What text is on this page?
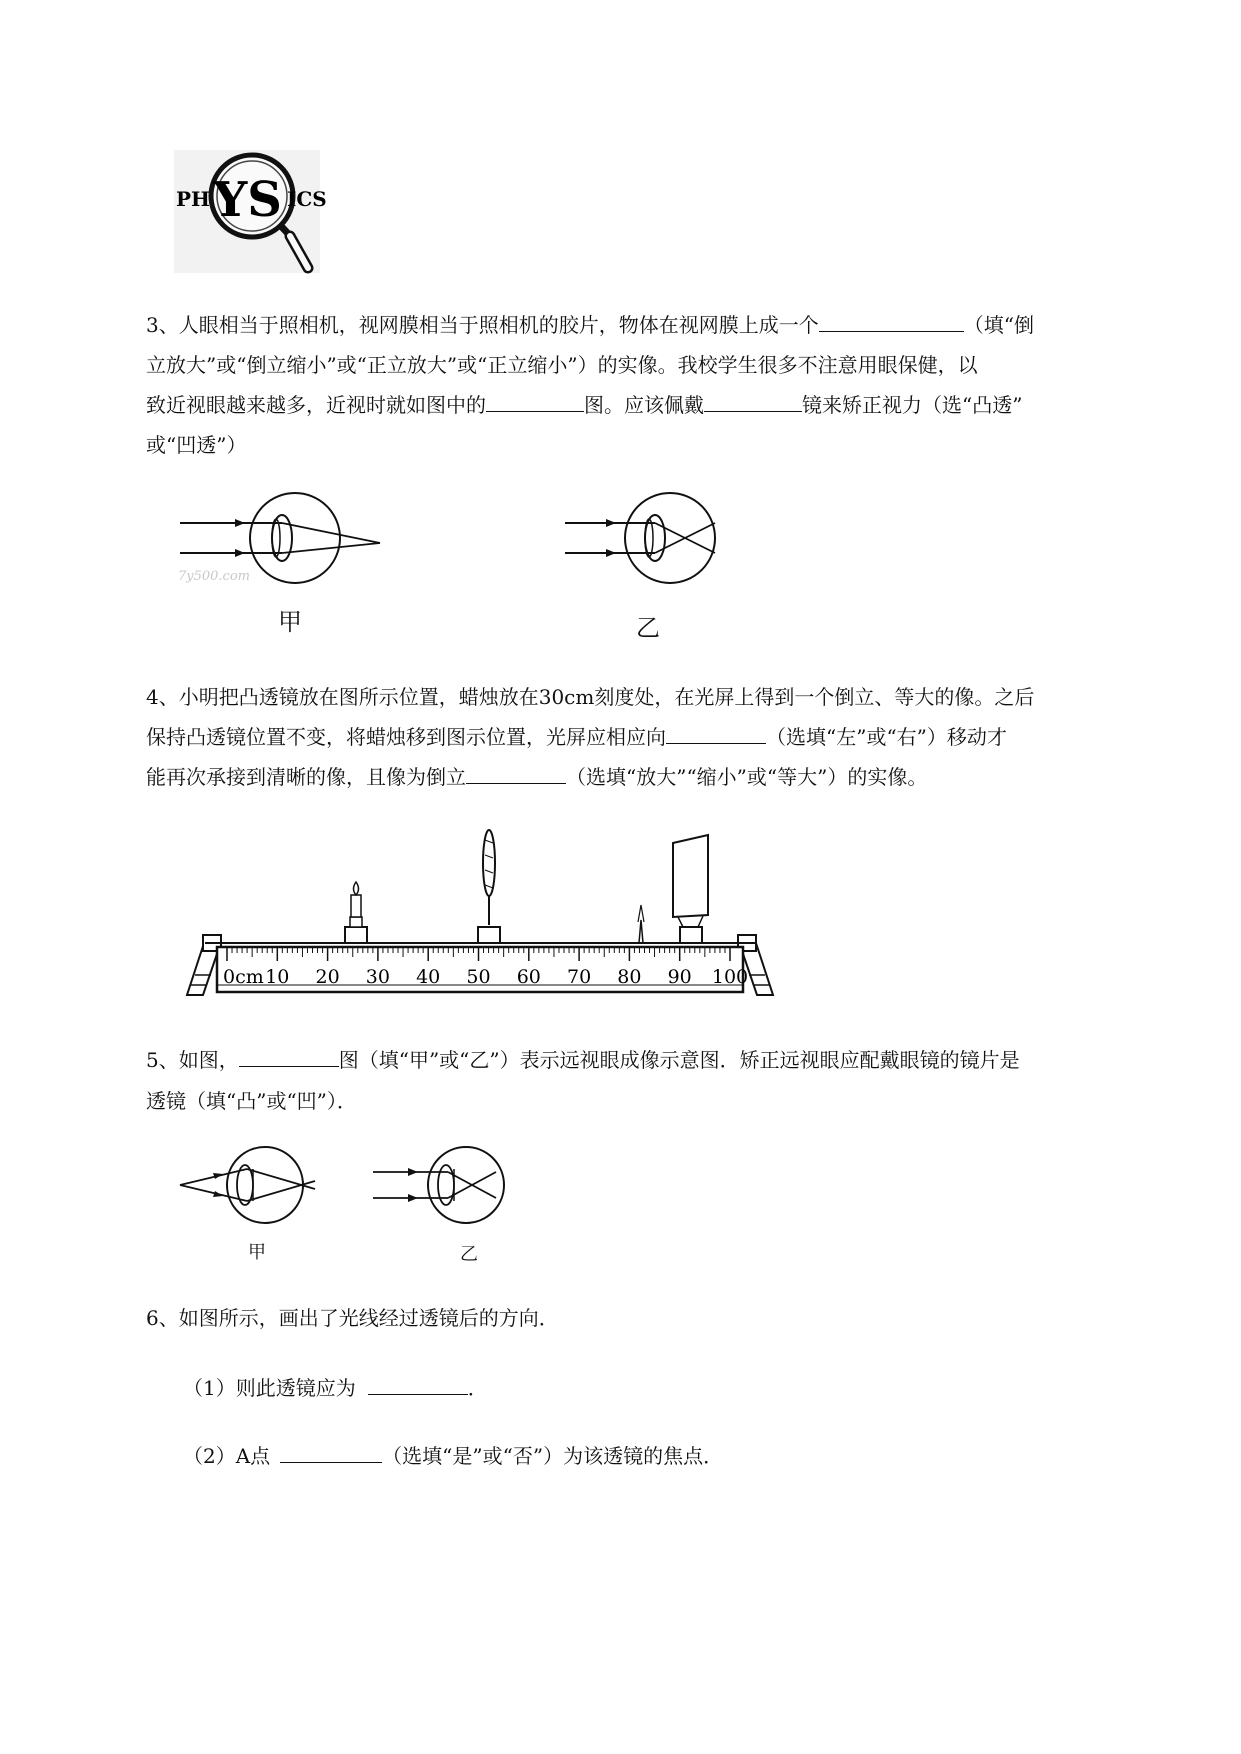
PH YS ICS
3、人眼相当于照相机，视网膜相当于照相机的胶片，物体在视网膜上成一个	（填“倒
立放大”或“倒立缩小”或“正立放大”或“正立缩小”）的实像。我校学生很多不注意用眼保健，以
致近视眼越来越多，近视时就如图中的	图。应该佩戴	镜来矫正视力（选“凸透”
或“凹透”）
7y500.com
甲	乙
4、小明把凸透镜放在图所示位置，蜡烛放在30cm刻度处，在光屏上得到一个倒立、等大的像。之后
保持凸透镜位置不变，将蜡烛移到图示位置，光屏应相应向	（选填“左”或“右”）移动才
能再次承接到清晰的像，且像为倒立	（选填“放大”“缩小”或“等大”）的实像。
0cm 10 20 30 40 50 60 70 80 90 100
5、如图，	图（填“甲”或“乙”）表示远视眼成像示意图．矫正远视眼应配戴眼镜的镜片是
透镜（填“凸”或“凹”）．
甲	乙
6、如图所示，画出了光线经过透镜后的方向．
（1）则此透镜应为	．
（2）A点	（选填“是”或“否”）为该透镜的焦点．
